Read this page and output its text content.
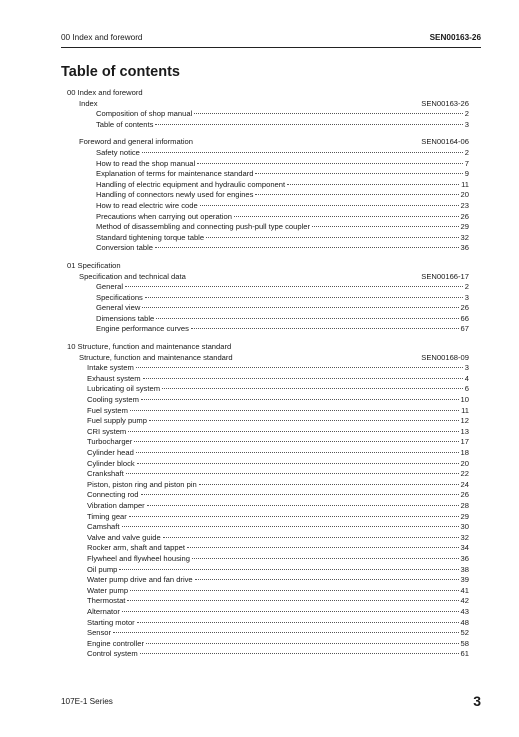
00 Index and foreword	SEN00163-26
Table of contents
00 Index and foreword
Index	SEN00163-26
Composition of shop manual	2
Table of contents	3
Foreword and general information	SEN00164-06
Safety notice	2
How to read the shop manual	7
Explanation of terms for maintenance standard	9
Handling of electric equipment and hydraulic component	11
Handling of connectors newly used for engines	20
How to read electric wire code	23
Precautions when carrying out operation	26
Method of disassembling and connecting push-pull type coupler	29
Standard tightening torque table	32
Conversion table	36
01 Specification
Specification and technical data	SEN00166-17
General	2
Specifications	3
General view	26
Dimensions table	66
Engine performance curves	67
10 Structure, function and maintenance standard
Structure, function and maintenance standard	SEN00168-09
Intake system	3
Exhaust system	4
Lubricating oil system	6
Cooling system	10
Fuel system	11
Fuel supply pump	12
CRI system	13
Turbocharger	17
Cylinder head	18
Cylinder block	20
Crankshaft	22
Piston, piston ring and piston pin	24
Connecting rod	26
Vibration damper	28
Timing gear	29
Camshaft	30
Valve and valve guide	32
Rocker arm, shaft and tappet	34
Flywheel and flywheel housing	36
Oil pump	38
Water pump drive and fan drive	39
Water pump	41
Thermostat	42
Alternator	43
Starting motor	48
Sensor	52
Engine controller	58
Control system	61
107E-1 Series	3
